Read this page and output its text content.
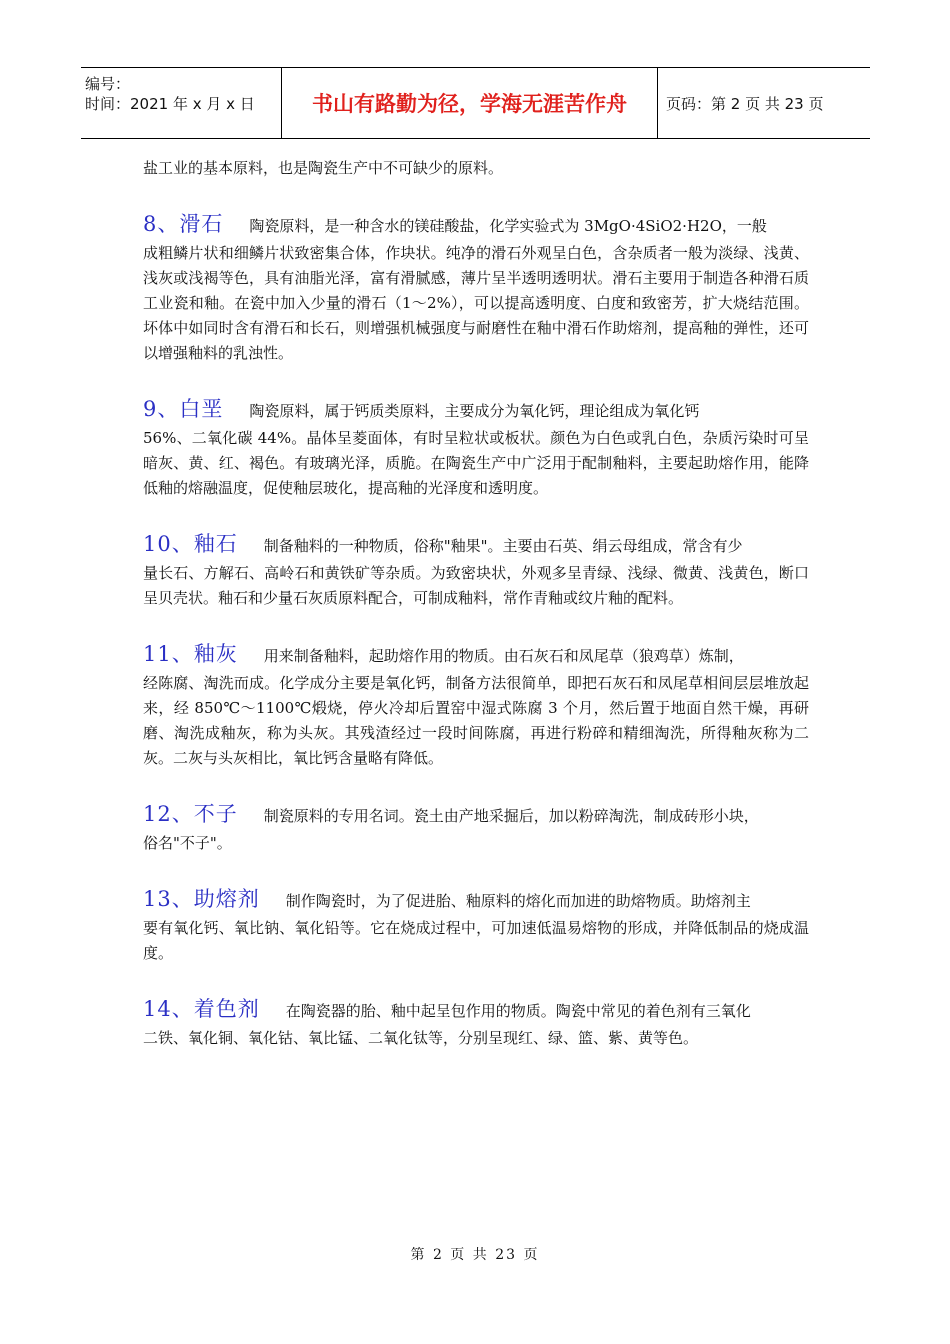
编号：
时间：2021 年 x 月 x 日	书山有路勤为径，学海无涯苦作舟	页码：第 2 页 共 23 页

盐工业的基本原料，也是陶瓷生产中不可缺少的原料。

8、滑石 陶瓷原料，是一种含水的镁硅酸盐，化学实验式为 3MgO·4SiO2·H2O，一般

成粗鳞片状和细鳞片状致密集合体，作块状。纯净的滑石外观呈白色，含杂质者一般为淡绿、浅黄、浅灰或浅褐等色，具有油脂光泽，富有滑腻感，薄片呈半透明透明状。滑石主要用于制造各种滑石质工业瓷和釉。在瓷中加入少量的滑石（1～2%），可以提高透明度、白度和致密芳，扩大烧结范围。坏体中如同时含有滑石和长石，则增强机械强度与耐磨性在釉中滑石作助熔剂，提高釉的弹性，还可以增强釉料的乳浊性。

9、白垩 陶瓷原料，属于钙质类原料，主要成分为氧化钙，理论组成为氧化钙

56%、二氧化碳 44%。晶体呈菱面体，有时呈粒状或板状。颜色为白色或乳白色，杂质污染时可呈暗灰、黄、红、褐色。有玻璃光泽，质脆。在陶瓷生产中广泛用于配制釉料，主要起助熔作用，能降低釉的熔融温度，促使釉层玻化，提高釉的光泽度和透明度。

10、釉石 制备釉料的一种物质，俗称"釉果"。主要由石英、绢云母组成，常含有少

量长石、方解石、高岭石和黄铁矿等杂质。为致密块状，外观多呈青绿、浅绿、微黄、浅黄色，断口呈贝壳状。釉石和少量石灰质原料配合，可制成釉料，常作青釉或纹片釉的配料。

11、釉灰 用来制备釉料，起助熔作用的物质。由石灰石和凤尾草（狼鸡草）炼制，

经陈腐、淘洗而成。化学成分主要是氧化钙，制备方法很简单，即把石灰石和凤尾草相间层层堆放起来，经 850℃～1100℃煅烧，停火冷却后置窑中湿式陈腐 3 个月，然后置于地面自然干燥，再研磨、淘洗成釉灰，称为头灰。其残渣经过一段时间陈腐，再进行粉碎和精细淘洗，所得釉灰称为二灰。二灰与头灰相比，氧比钙含量略有降低。

12、不子 制瓷原料的专用名词。瓷土由产地采掘后，加以粉碎淘洗，制成砖形小块，

俗名"不子"。

13、助熔剂 制作陶瓷时，为了促进胎、釉原料的熔化而加进的助熔物质。助熔剂主

要有氧化钙、氧比钠、氧化铅等。它在烧成过程中，可加速低温易熔物的形成，并降低制品的烧成温度。

14、着色剂 在陶瓷器的胎、釉中起呈包作用的物质。陶瓷中常见的着色剂有三氧化

二铁、氧化铜、氧化钴、氧比锰、二氧化钛等，分别呈现红、绿、篮、紫、黄等色。

第 2 页 共 23 页
